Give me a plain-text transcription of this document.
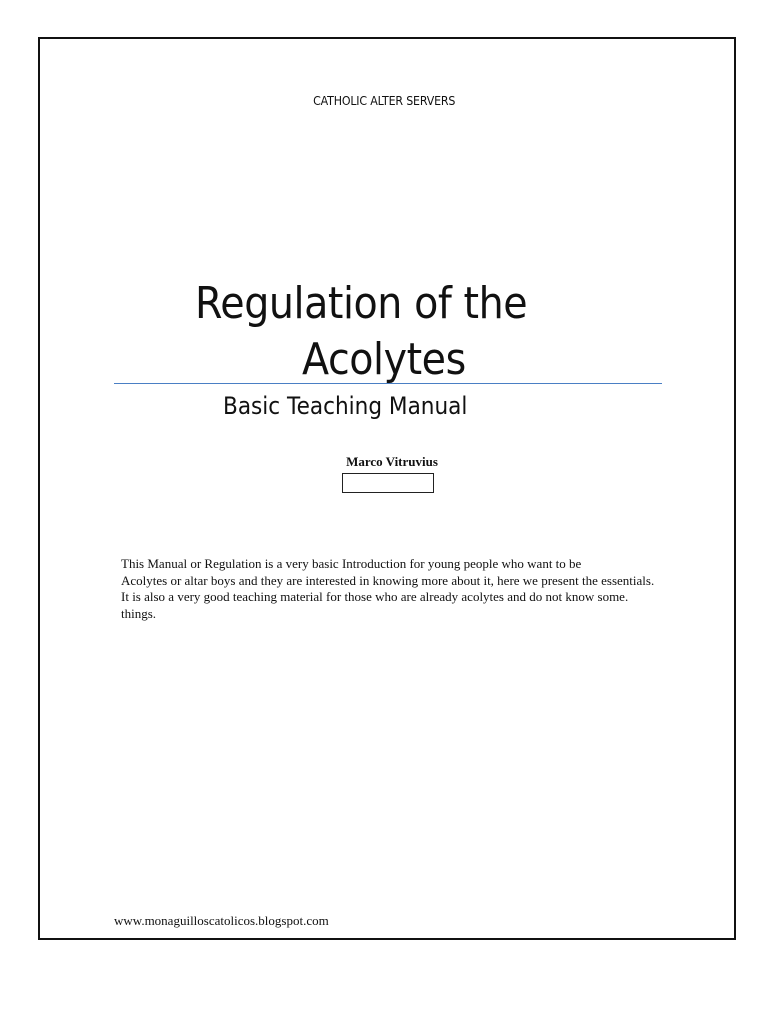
CATHOLIC ALTER SERVERS
Regulation of the
Acolytes
Basic Teaching Manual
Marco Vitruvius
This Manual or Regulation is a very basic Introduction for young people who want to be
Acolytes or altar boys and they are interested in knowing more about it, here we present the essentials.
It is also a very good teaching material for those who are already acolytes and do not know some.
things.
www.monaguilloscatolicos.blogspot.com
